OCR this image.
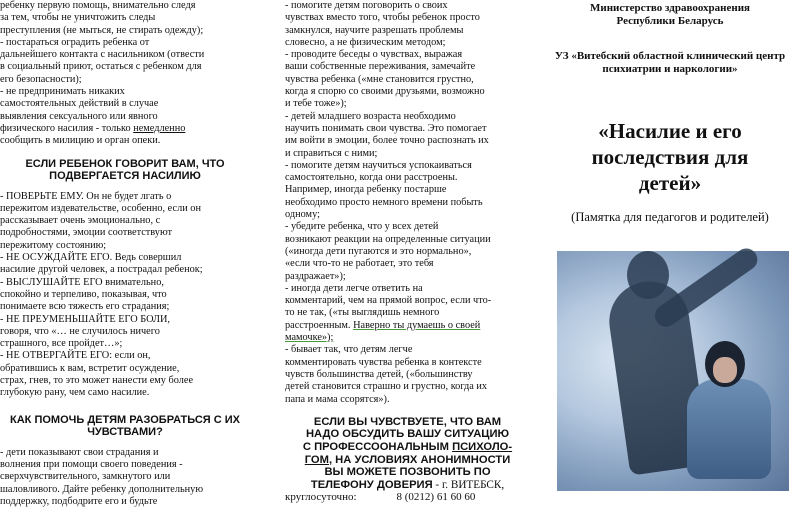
ребенку первую помощь, внимательно следя

за тем, чтобы не уничтожить следы

преступления (не мыться, не стирать одежду);

- постараться оградить ребенка от

дальнейшего контакта с насильником (отвести

в социальный приют, остаться с ребенком для

его безопасности);

- не предпринимать никаких

самостоятельных действий в случае

выявления сексуального или явного

физического насилия - только немедленно

сообщить в милицию и орган опеки.

ЕСЛИ РЕБЕНОК ГОВОРИТ ВАМ, ЧТО ПОДВЕРГАЕТСЯ НАСИЛИЮ

- ПОВЕРЬТЕ ЕМУ. Он не будет лгать о

пережитом издевательстве, особенно, если он

рассказывает очень эмоционально, с

подробностями, эмоции соответствуют

пережитому состоянию;

- НЕ ОСУЖДАЙТЕ ЕГО. Ведь совершил

насилие другой человек, а пострадал ребенок;

- ВЫСЛУШАЙТЕ ЕГО внимательно,

спокойно и терпеливо, показывая, что

понимаете всю тяжесть его страдания;

- НЕ ПРЕУМЕНЬШАЙТЕ ЕГО БОЛИ,

говоря, что «… не случилось ничего

страшного, все пройдет…»;

- НЕ ОТВЕРГАЙТЕ ЕГО: если он,

обратившись к вам, встретит осуждение,

страх, гнев, то это может нанести ему более

глубокую рану, чем само насилие.

КАК ПОМОЧЬ ДЕТЯМ РАЗОБРАТЬСЯ С ИХ ЧУВСТВАМИ?

- дети показывают свои страдания и

волнения при помощи своего поведения -

сверхчувствительного, замкнутого или

шаловливого. Дайте ребенку дополнительную

поддержку, подбодрите его и будьте

- помогите детям поговорить о своих

чувствах вместо того, чтобы ребенок просто

замкнулся, научите разрешать проблемы

словесно, а не физическим методом;

- проводите беседы о чувствах, выражая

ваши собственные переживания, замечайте

чувства ребенка («мне становится грустно,

когда я спорю со своими друзьями, возможно

и тебе тоже»);

- детей младшего возраста необходимо

научить понимать свои чувства. Это помогает

им войти в эмоции, более точно распознать их

и справиться с ними;

- помогите детям научиться успокаиваться

самостоятельно, когда они расстроены.

Например, иногда ребенку постарше

необходимо просто немного времени побыть

одному;

- убедите ребенка, что у всех детей

возникают реакции на определенные ситуации

(«иногда дети пугаются и это нормально»,

«если что-то не работает, это тебя

раздражает»);

- иногда дети легче ответить на

комментарий, чем на прямой вопрос, если что-

то не так, («ты выглядишь немного

расстроенным. Наверно ты думаешь о своей

мамочке»);

- бывает так, что детям легче

комментировать чувства ребенка в контексте

чувств большинства детей, («большинству

детей становится страшно и грустно, когда их

папа и мама ссорятся»).

ЕСЛИ ВЫ ЧУВСТВУЕТЕ, ЧТО ВАМ

НАДО ОБСУДИТЬ ВАШУ СИТУАЦИЮ

С ПРОФЕССООНАЛЬНЫМ ПСИХОЛО-

ГОМ, НА УСЛОВИЯХ АНОНИМНОСТИ

ВЫ МОЖЕТЕ ПОЗВОНИТЬ ПО

ТЕЛЕФОНУ ДОВЕРИЯ - г. ВИТЕБСК,

круглосуточно:	8 (0212) 61 60 60

Министерство здравоохранения Республики Беларусь

УЗ «Витебский областной клинический центр психиатрии и наркологии»

«Насилие и его последствия для детей»

(Памятка для педагогов и родителей)
